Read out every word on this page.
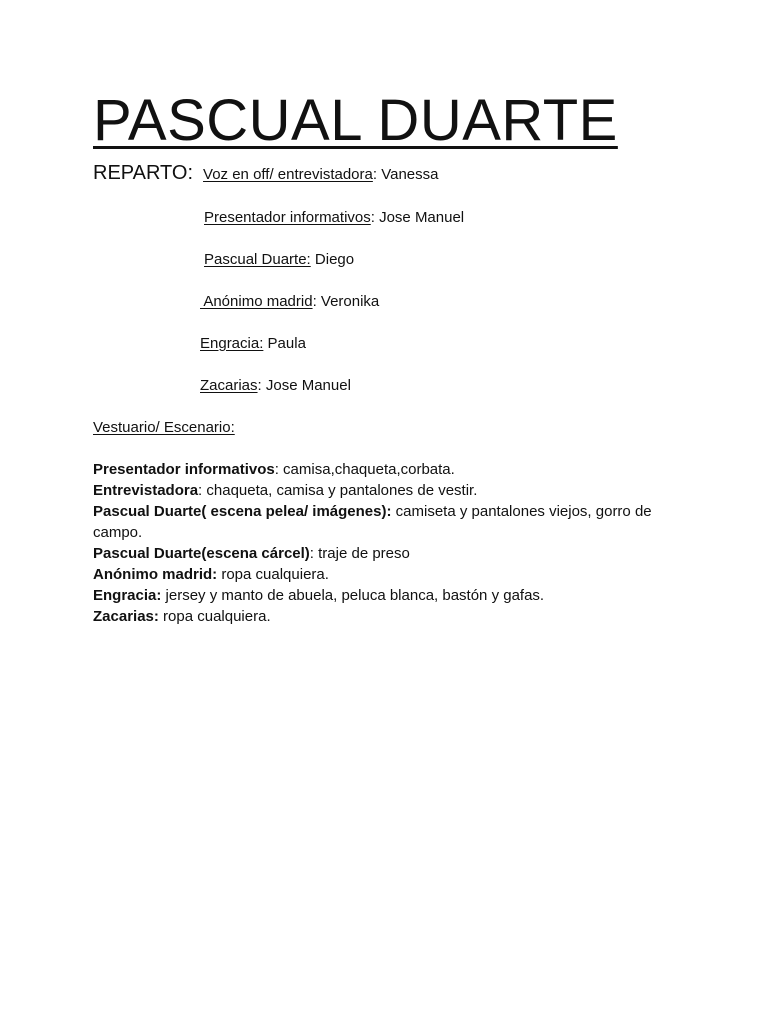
PASCUAL DUARTE
REPARTO: Voz en off/ entrevistadora: Vanessa
Presentador informativos: Jose Manuel
Pascual Duarte: Diego
Anónimo madrid: Veronika
Engracia: Paula
Zacarias: Jose Manuel
Vestuario/ Escenario:

Presentador informativos: camisa,chaqueta,corbata.

Entrevistadora: chaqueta, camisa y pantalones de vestir.

Pascual Duarte( escena pelea/ imágenes): camiseta y pantalones viejos, gorro de campo.

Pascual Duarte(escena cárcel): traje de preso

Anónimo madrid: ropa cualquiera.

Engracia: jersey y manto de abuela, peluca blanca, bastón y gafas.

Zacarias: ropa cualquiera.
